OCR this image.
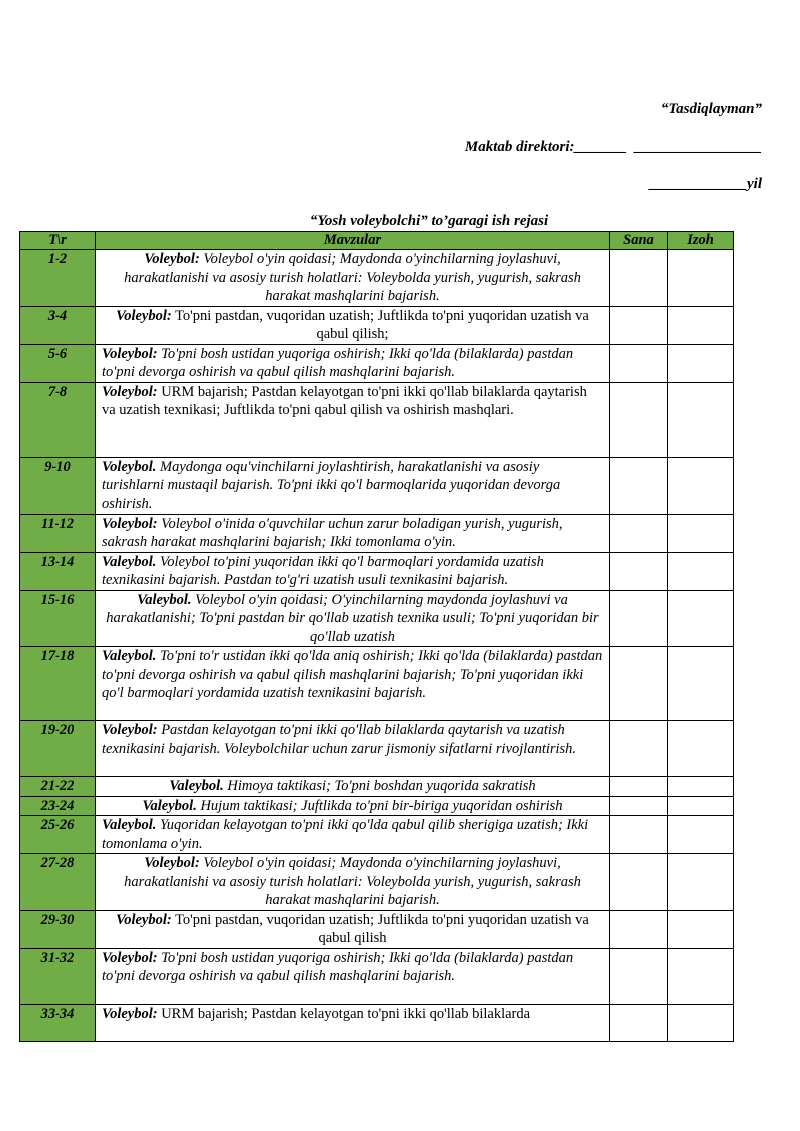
“Tasdiqlayman”
Maktab direktori:_______  _________________
_____________yil
“Yosh voleybolchi” to’garagi ish rejasi
T\r	Mavzular	Sana	Izoh
1-2	Voleybol: Voleybol o'yin qoidasi; Maydonda o'yinchilarning joylashuvi, harakatlanishi va asosiy turish holatlari: Voleybolda yurish, yugurish, sakrash harakat mashqlarini bajarish.		
3-4	Voleybol: To'pni pastdan, vuqoridan uzatish; Juftlikda to'pni yuqoridan uzatish va qabul qilish;		
5-6	Voleybol: To'pni bosh ustidan yuqoriga oshirish; Ikki qo'lda (bilaklarda) pastdan to'pni devorga oshirish va qabul qilish mashqlarini bajarish.		
7-8	Voleybol: URM bajarish; Pastdan kelayotgan to'pni ikki qo'llab bilaklarda qaytarish va uzatish texnikasi; Juftlikda to'pni qabul qilish va oshirish mashqlari.		
9-10	Voleybol. Maydonga oqu'vinchilarni joylashtirish, harakatlanishi va asosiy turishlarni mustaqil bajarish. To'pni ikki qo'l barmoqlarida yuqoridan devorga oshirish.		
11-12	Voleybol: Voleybol o'inida o'quvchilar uchun zarur boladigan yurish, yugurish, sakrash harakat mashqlarini bajarish; Ikki tomonlama o'yin.		
13-14	Valeybol. Voleybol to'pini yuqoridan ikki qo'l barmoqlari yordamida uzatish texnikasini bajarish. Pastdan to'g'ri uzatish usuli texnikasini bajarish.		
15-16	Valeybol. Voleybol o'yin qoidasi; O'yinchilarning maydonda joylashuvi va harakatlanishi; To'pni pastdan bir qo'llab uzatish texnika usuli; To'pni yuqoridan bir qo'llab uzatish		
17-18	Valeybol. To'pni to'r ustidan ikki qo'lda aniq oshirish; Ikki qo'lda (bilaklarda) pastdan to'pni devorga oshirish va qabul qilish mashqlarini bajarish; To'pni yuqoridan ikki qo'l barmoqlari yordamida uzatish texnikasini bajarish.		
19-20	Voleybol: Pastdan kelayotgan to'pni ikki qo'llab bilaklarda qaytarish va uzatish texnikasini bajarish. Voleybolchilar uchun zarur jismoniy sifatlarni rivojlantirish.		
21-22	Valeybol. Himoya taktikasi; To'pni boshdan yuqorida sakratish		
23-24	Valeybol. Hujum taktikasi; Juftlikda to'pni bir-biriga yuqoridan oshirish		
25-26	Valeybol. Yuqoridan kelayotgan to'pni ikki qo'lda qabul qilib sherigiga uzatish; Ikki tomonlama o'yin.		
27-28	Voleybol: Voleybol o'yin qoidasi; Maydonda o'yinchilarning joylashuvi, harakatlanishi va asosiy turish holatlari: Voleybolda yurish, yugurish, sakrash harakat mashqlarini bajarish.		
29-30	Voleybol: To'pni pastdan, vuqoridan uzatish; Juftlikda to'pni yuqoridan uzatish va qabul qilish		
31-32	Voleybol: To'pni bosh ustidan yuqoriga oshirish; Ikki qo'lda (bilaklarda) pastdan to'pni devorga oshirish va qabul qilish mashqlarini bajarish.		
33-34	Voleybol: URM bajarish; Pastdan kelayotgan to'pni ikki qo'llab bilaklarda		
